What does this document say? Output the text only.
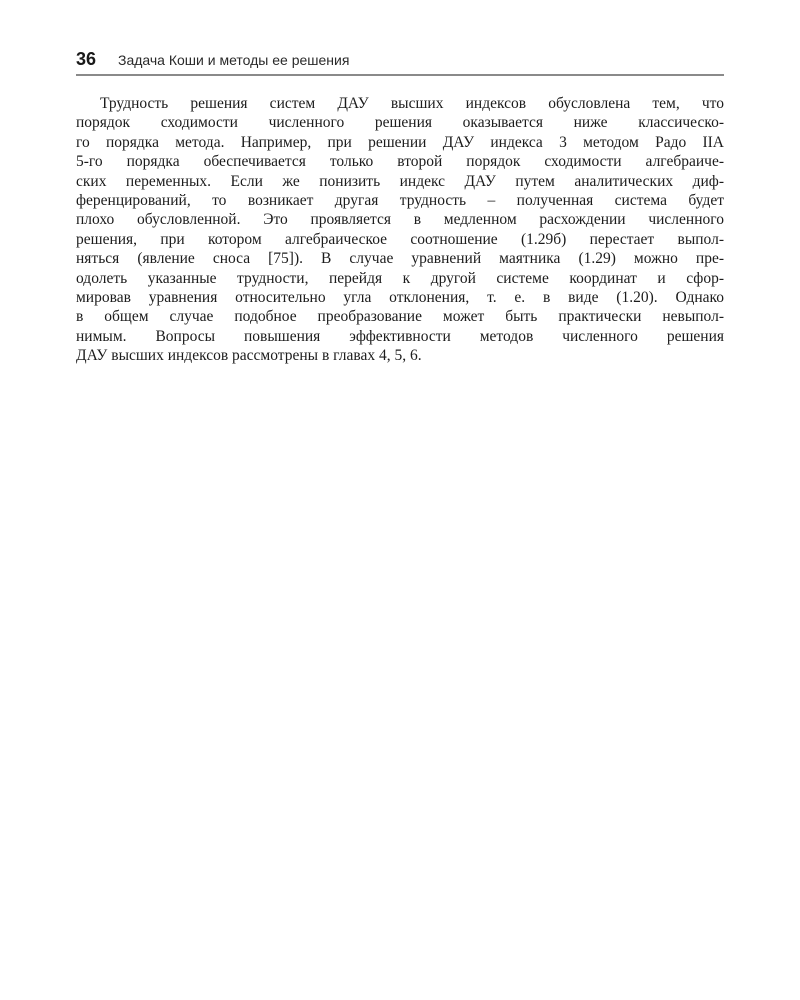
36 Задача Коши и методы ее решения
Трудность решения систем ДАУ высших индексов обусловлена тем, что
порядок сходимости численного решения оказывается ниже классическо-
го порядка метода. Например, при решении ДАУ индекса 3 методом Радо IIA
5-го порядка обеспечивается только второй порядок сходимости алгебраиче-
ских переменных. Если же понизить индекс ДАУ путем аналитических диф-
ференцирований, то возникает другая трудность – полученная система будет
плохо обусловленной. Это проявляется в медленном расхождении численного
решения, при котором алгебраическое соотношение (1.29б) перестает выпол-
няться (явление сноса [75]). В случае уравнений маятника (1.29) можно пре-
одолеть указанные трудности, перейдя к другой системе координат и сфор-
мировав уравнения относительно угла отклонения, т. е. в виде (1.20). Однако
в общем случае подобное преобразование может быть практически невыпол-
нимым. Вопросы повышения эффективности методов численного решения
ДАУ высших индексов рассмотрены в главах 4, 5, 6.
